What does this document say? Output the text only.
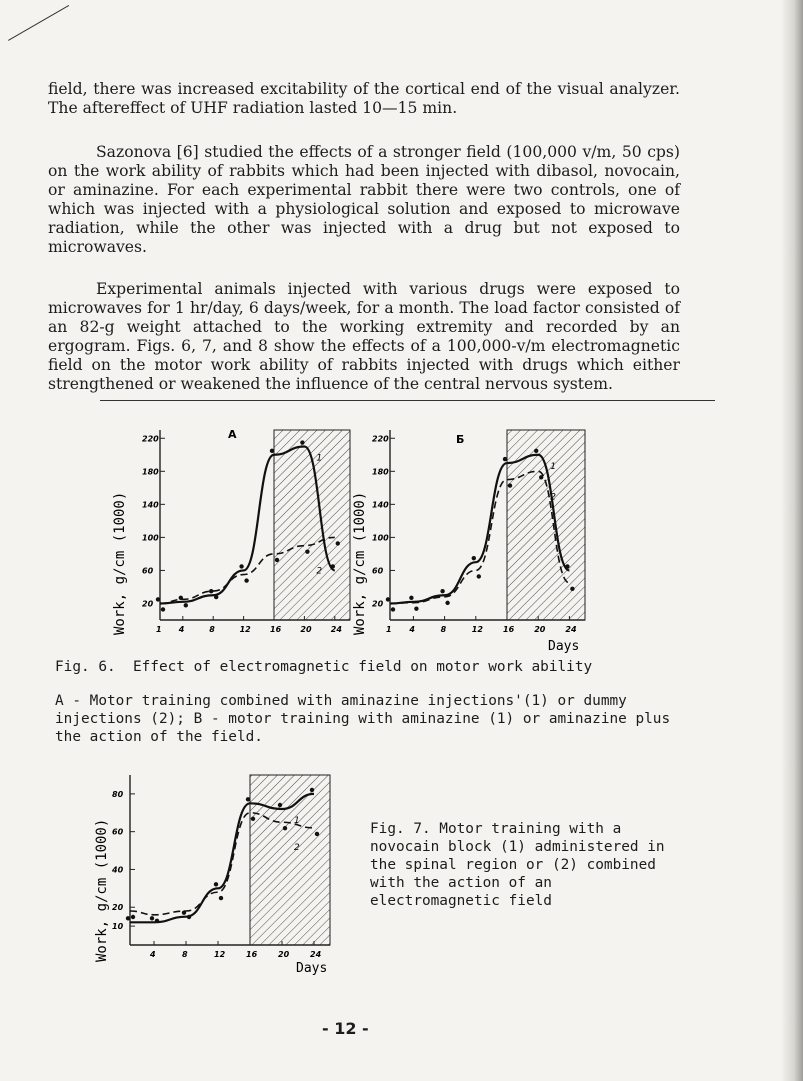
field, there was increased excitability of the cortical end of the visual analyzer. The aftereffect of UHF radiation lasted 10—15 min.

Sazonova [6] studied the effects of a stronger field (100,000 v/m, 50 cps) on the work ability of rabbits which had been injected with dibasol, novocain, or aminazine. For each experimental rabbit there were two controls, one of which was injected with a physiological solution and exposed to microwave radiation, while the other was injected with a drug but not exposed to microwaves.

Experimental animals injected with various drugs were exposed to microwaves for 1 hr/day, 6 days/week, for a month. The load factor consisted of an 82-g weight attached to the working extremity and recorded by an ergogram. Figs. 6, 7, and 8 show the effects of a 100,000-v/m electromagnetic field on the motor work ability of rabbits injected with drugs which either strengthened or weakened the influence of the central nervous system.

20
60
100
140
180
220
1 4	8	12 16 20 24
1
2
20
60
100
140
180
220
1 4	8	12	16	20	24
1
2
10
20
40
60
80
4	8	12	16	20	24
1
2
A	Б
Work, g/cm (1000)	Work, g/cm (1000)
Days
Work, g/cm (1000)
Days
Fig. 6.  Effect of electromagnetic field on motor work ability
A - Motor training combined with aminazine injections'(1) or dummy injections (2); B - motor training with aminazine (1) or aminazine plus the action of the field.
Fig. 7. Motor training with a novocain block (1) administered in the spinal region or (2) combined with the action of an electromagnetic field
- 12 -
